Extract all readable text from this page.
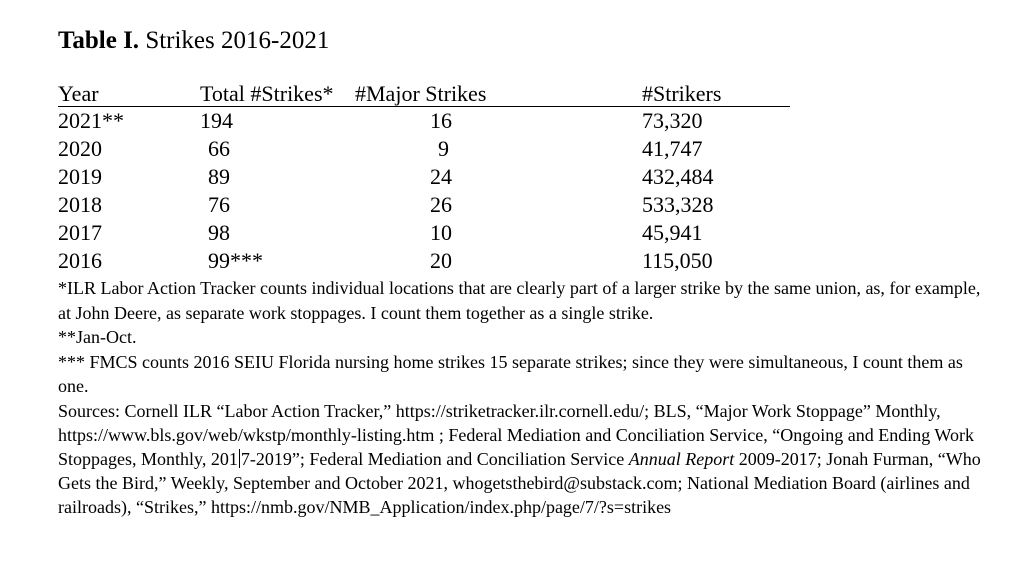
Table I. Strikes 2016-2021
Year	Total #Strikes*	#Major Strikes	#Strikers
2021**	194	16	73,320
2020	66	9	41,747
2019	89	24	432,484
2018	76	26	533,328
2017	98	10	45,941
2016	99***	20	115,050

*ILR Labor Action Tracker counts individual locations that are clearly part of a larger strike by the same union, as, for example, at John Deere, as separate work stoppages. I count them together as a single strike.

**Jan-Oct.

*** FMCS counts 2016 SEIU Florida nursing home strikes 15 separate strikes; since they were simultaneous, I count them as one.

Sources: Cornell ILR “Labor Action Tracker,” https://striketracker.ilr.cornell.edu/; BLS, “Major Work Stoppage” Monthly, https://www.bls.gov/web/wkstp/monthly-listing.htm ; Federal Mediation and Conciliation Service, “Ongoing and Ending Work Stoppages, Monthly, 201 7-2019”; Federal Mediation and Conciliation Service Annual Report 2009-2017; Jonah Furman, “Who Gets the Bird,” Weekly, September and October 2021, whogetsthebird@substack.com; National Mediation Board (airlines and railroads), “Strikes,” https://nmb.gov/NMB_Application/index.php/page/7/?s=strikes
